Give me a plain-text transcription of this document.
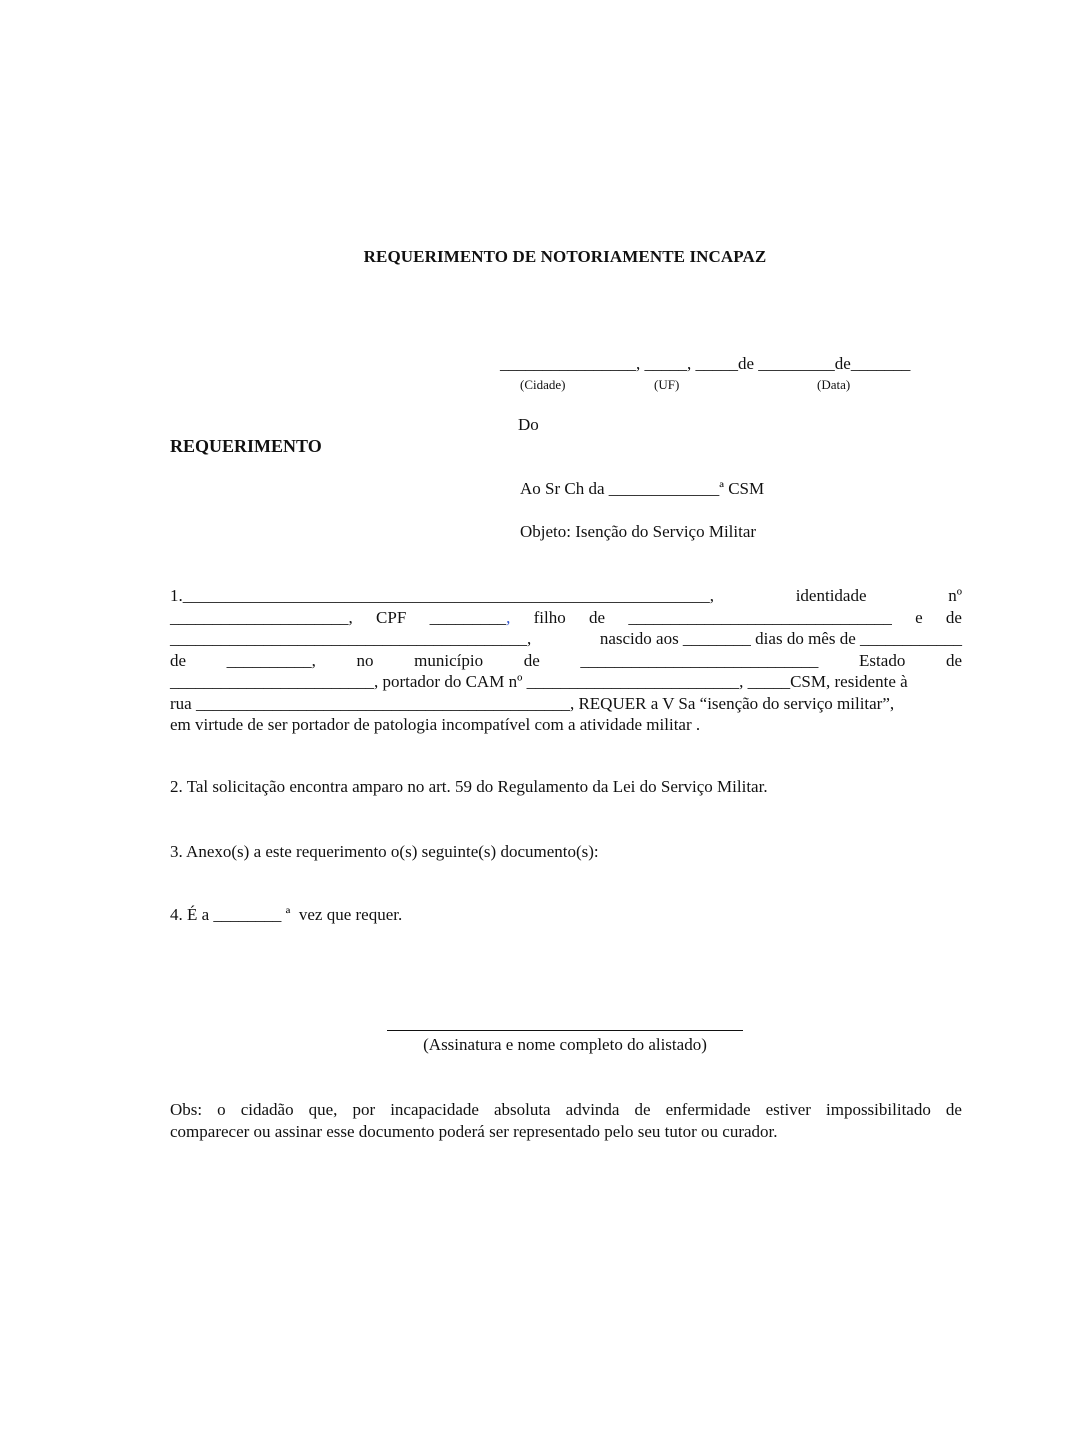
REQUERIMENTO DE NOTORIAMENTE INCAPAZ
________________, _____, _____de _________de_______
(Cidade)	(UF)	(Data)
Do
REQUERIMENTO
Ao Sr Ch da _____________ª CSM
Objeto: Isenção do Serviço Militar
1.______________________________________________________________,	identidade	nº
_____________________, CPF _________, filho de _______________________________ e de
__________________________________________,	nascido aos ________ dias do mês de ____________
de __________, no município de ____________________________ Estado de
________________________, portador do CAM nº _________________________, _____CSM, residente à
rua ____________________________________________, REQUER a V Sa “isenção do serviço militar”,
em virtude de ser portador de patologia incompatível com a atividade militar .
2. Tal solicitação encontra amparo no art. 59 do Regulamento da Lei do Serviço Militar.
3. Anexo(s) a este requerimento o(s) seguinte(s) documento(s):
4. É a ________ ª  vez que requer.
(Assinatura e nome completo do alistado)
Obs: o cidadão que, por incapacidade absoluta advinda de enfermidade estiver impossibilitado de
comparecer ou assinar esse documento poderá ser representado pelo seu tutor ou curador.
